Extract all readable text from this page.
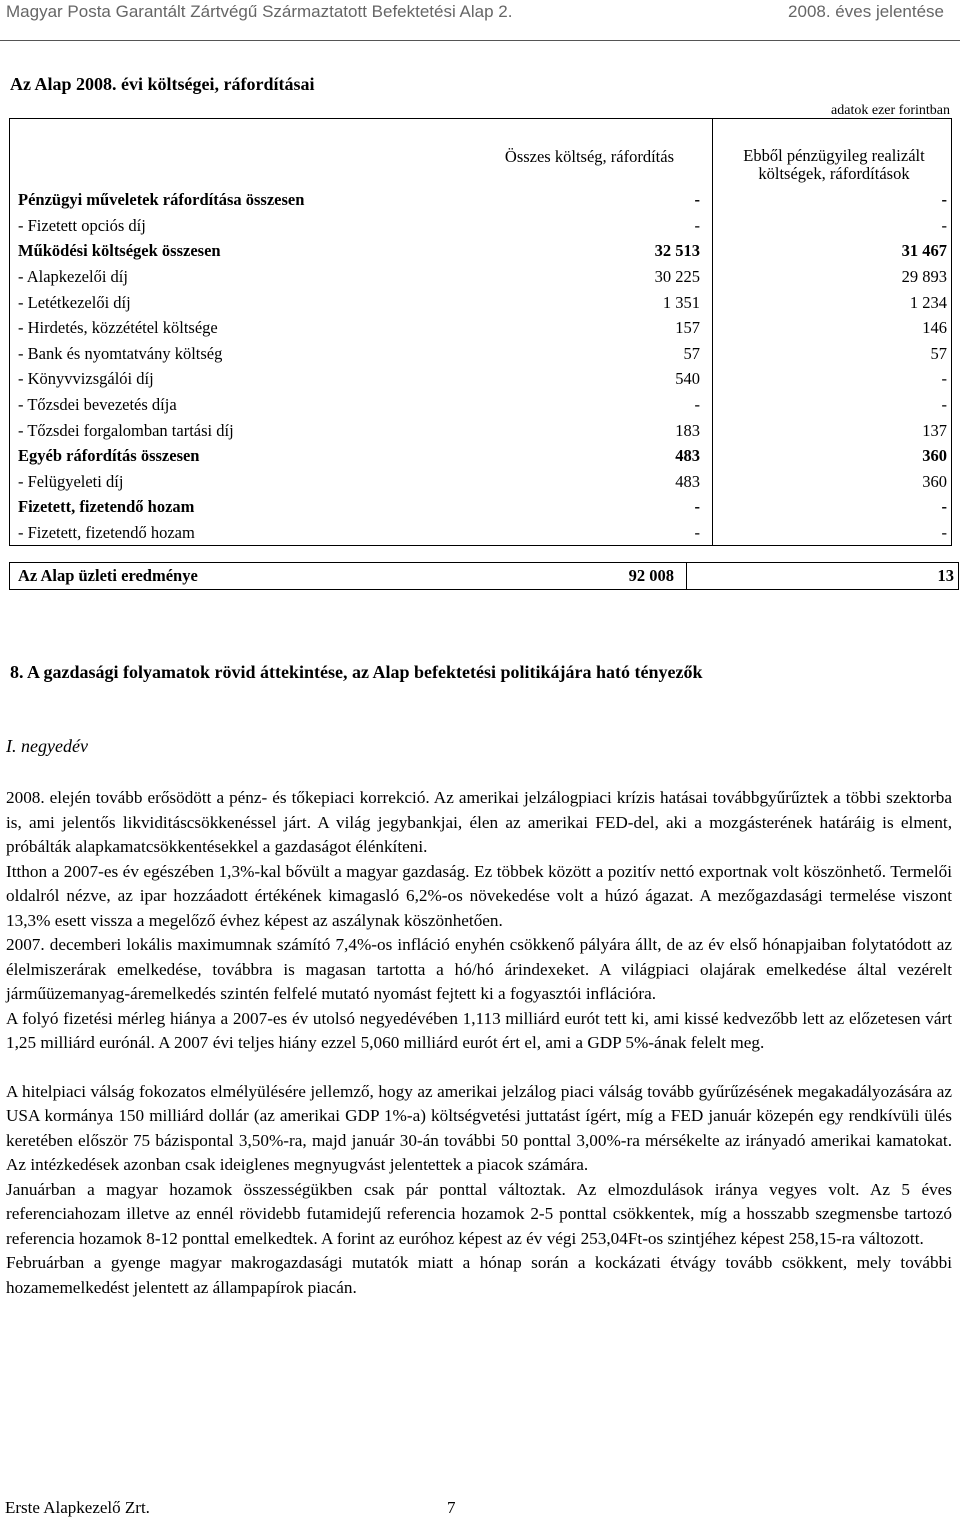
Magyar Posta Garantált Zártvégű Származtatott Befektetési Alap 2.	2008. éves jelentése
Az Alap 2008. évi költségei, ráfordításai
adatok ezer forintban
	Összes költség, ráfordítás	Ebből pénzügyileg realizált
költségek, ráfordítások
Pénzügyi műveletek ráfordítása összesen	-	-
- Fizetett opciós díj	-	-
Működési költségek összesen	32 513	31 467
- Alapkezelői díj	30 225	29 893
- Letétkezelői díj	1 351	1 234
- Hirdetés, közzététel költsége	157	146
- Bank és nyomtatvány költség	57	57
- Könyvvizsgálói díj	540	-
- Tőzsdei bevezetés díja	-	-
- Tőzsdei forgalomban tartási díj	183	137
Egyéb ráfordítás összesen	483	360
- Felügyeleti díj	483	360
Fizetett, fizetendő hozam	-	-
- Fizetett, fizetendő hozam	-	-
Az Alap üzleti eredménye	92 008	13
8. A gazdasági folyamatok rövid áttekintése, az Alap befektetési politikájára ható tényezők
I. negyedév

2008. elején tovább erősödött a pénz- és tőkepiaci korrekció. Az amerikai jelzálogpiaci krízis hatásai továbbgyűrűztek a többi szektorba is, ami jelentős likviditáscsökkenéssel járt. A világ jegybankjai, élen az amerikai FED-del, aki a mozgásterének határáig is elment, próbálták alapkamatcsökkentésekkel a gazdaságot élénkíteni.

Itthon a 2007-es év egészében 1,3%-kal bővült a magyar gazdaság. Ez többek között a pozitív nettó exportnak volt köszönhető. Termelői oldalról nézve, az ipar hozzáadott értékének kimagasló 6,2%-os növekedése volt a húzó ágazat. A mezőgazdasági termelése viszont 13,3% esett vissza a megelőző évhez képest az aszálynak köszönhetően.

2007. decemberi lokális maximumnak számító 7,4%-os infláció enyhén csökkenő pályára állt, de az év első hónapjaiban folytatódott az élelmiszerárak emelkedése, továbbra is magasan tartotta a hó/hó árindexeket. A világpiaci olajárak emelkedése által vezérelt járműüzemanyag-áremelkedés szintén felfelé mutató nyomást fejtett ki a fogyasztói inflációra.

A folyó fizetési mérleg hiánya a 2007-es év utolsó negyedévében 1,113 milliárd eurót tett ki, ami kissé kedvezőbb lett az előzetesen várt 1,25 milliárd eurónál. A 2007 évi teljes hiány ezzel 5,060 milliárd eurót ért el, ami a GDP 5%-ának felelt meg.

A hitelpiaci válság fokozatos elmélyülésére jellemző, hogy az amerikai jelzálog piaci válság tovább gyűrűzésének megakadályozására az USA kormánya 150 milliárd dollár (az amerikai GDP 1%-a) költségvetési juttatást ígért, míg a FED január közepén egy rendkívüli ülés keretében először 75 bázispontal 3,50%-ra, majd január 30-án további 50 ponttal 3,00%-ra mérsékelte az irányadó amerikai kamatokat. Az intézkedések azonban csak ideiglenes megnyugvást jelentettek a piacok számára.

Januárban a magyar hozamok összességükben csak pár ponttal változtak. Az elmozdulások iránya vegyes volt. Az 5 éves referenciahozam illetve az ennél rövidebb futamidejű referencia hozamok 2-5 ponttal csökkentek, míg a hosszabb szegmensbe tartozó referencia hozamok 8-12 ponttal emelkedtek. A forint az euróhoz képest az év végi 253,04Ft-os szintjéhez képest 258,15-ra változott.

Februárban a gyenge magyar makrogazdasági mutatók miatt a hónap során a kockázati étvágy tovább csökkent, mely további hozamemelkedést jelentett az állampapírok piacán.

Erste Alapkezelő Zrt.	7
